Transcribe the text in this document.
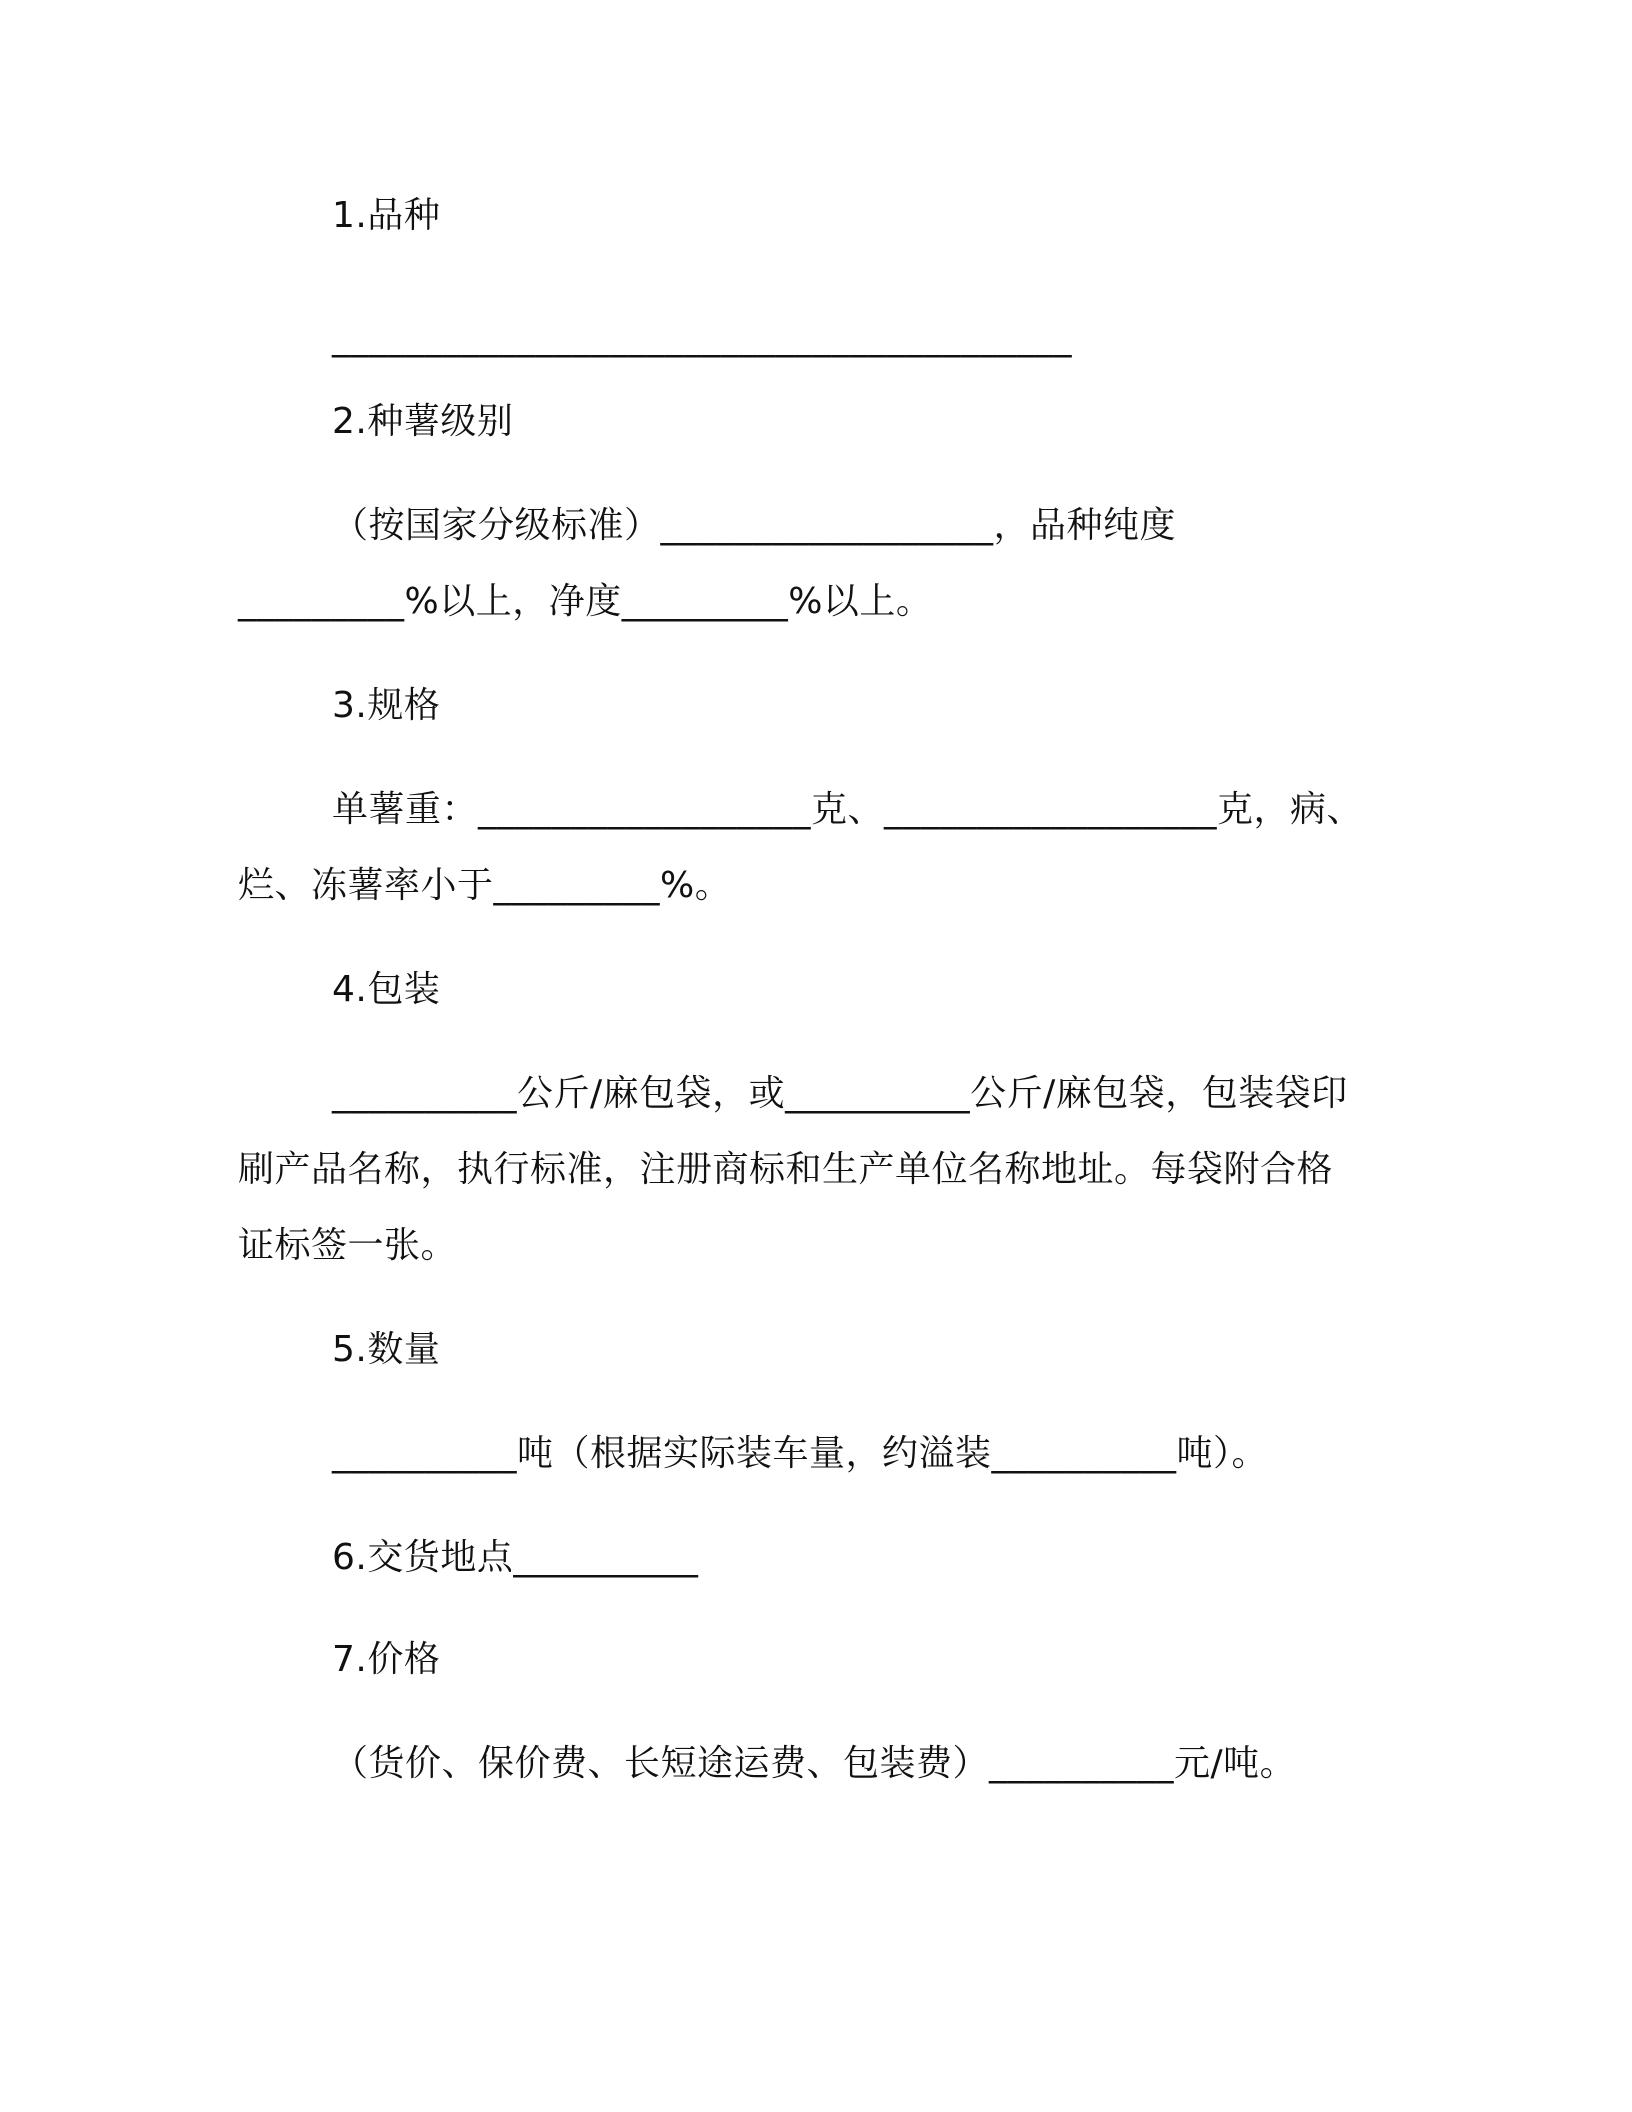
1.品种
________________________________________
2.种薯级别
（按国家分级标准）__________________，品种纯度
_________%以上，净度_________%以上。
3.规格
单薯重：__________________克、__________________克，病、
烂、冻薯率小于_________%。
4.包装
__________公斤/麻包袋，或__________公斤/麻包袋，包装袋印
刷产品名称，执行标准，注册商标和生产单位名称地址。每袋附合格
证标签一张。
5.数量
__________吨（根据实际装车量，约溢装__________吨）。
6.交货地点__________
7.价格
（货价、保价费、长短途运费、包装费）__________元/吨。
